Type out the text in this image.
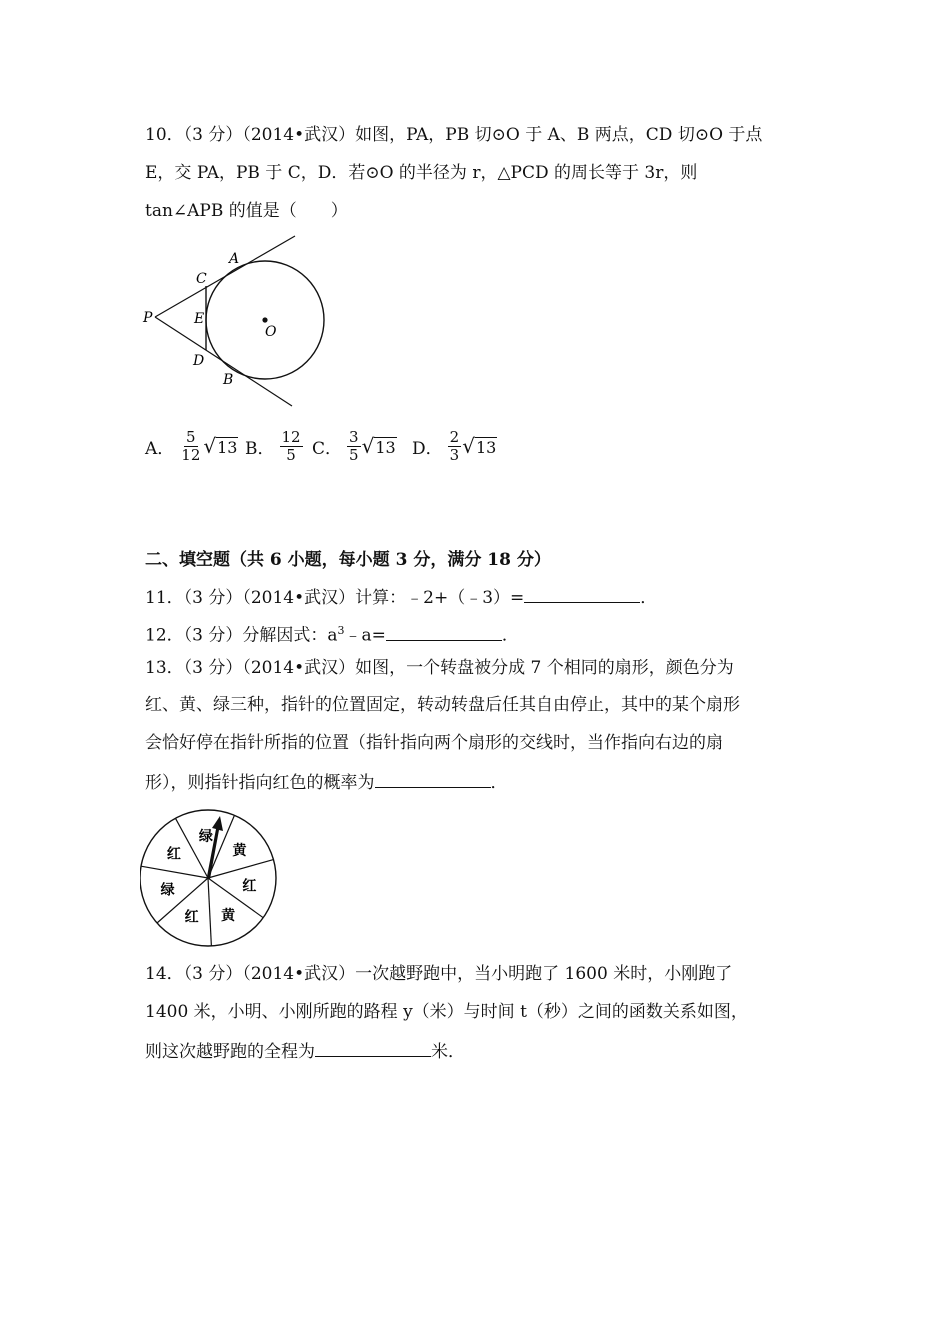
10．（3 分）（2014•武汉）如图，PA，PB 切⊙O 于 A、B 两点，CD 切⊙O 于点
E，交 PA，PB 于 C，D．若⊙O 的半径为 r，△PCD 的周长等于 3r，则
tan∠APB 的值是（　　）
A
C
P	E
O
D
B
A． $\frac{5}{12}$ √ 13 B． $\frac{12}{5}$ C． $\frac{3}{5}$ √ 13 D． $\frac{2}{3}$ √ 13
二、填空题（共 6 小题，每小题 3 分，满分 18 分）
11．（3 分）（2014•武汉）计算：﹣2+（﹣3）=	．
12．（3 分）分解因式：$a^3﹣a=$	．
13．（3 分）（2014•武汉）如图，一个转盘被分成 7 个相同的扇形，颜色分为
红、黄、绿三种，指针的位置固定，转动转盘后任其自由停止，其中的某个扇形
会恰好停在指针所指的位置（指针指向两个扇形的交线时，当作指向右边的扇
形），则指针指向红色的概率为	．
红
绿
黄
红
黄
红
绿
14．（3 分）（2014•武汉）一次越野跑中，当小明跑了 1600 米时，小刚跑了
1400 米，小明、小刚所跑的路程 y（米）与时间 t（秒）之间的函数关系如图，
则这次越野跑的全程为	米．
